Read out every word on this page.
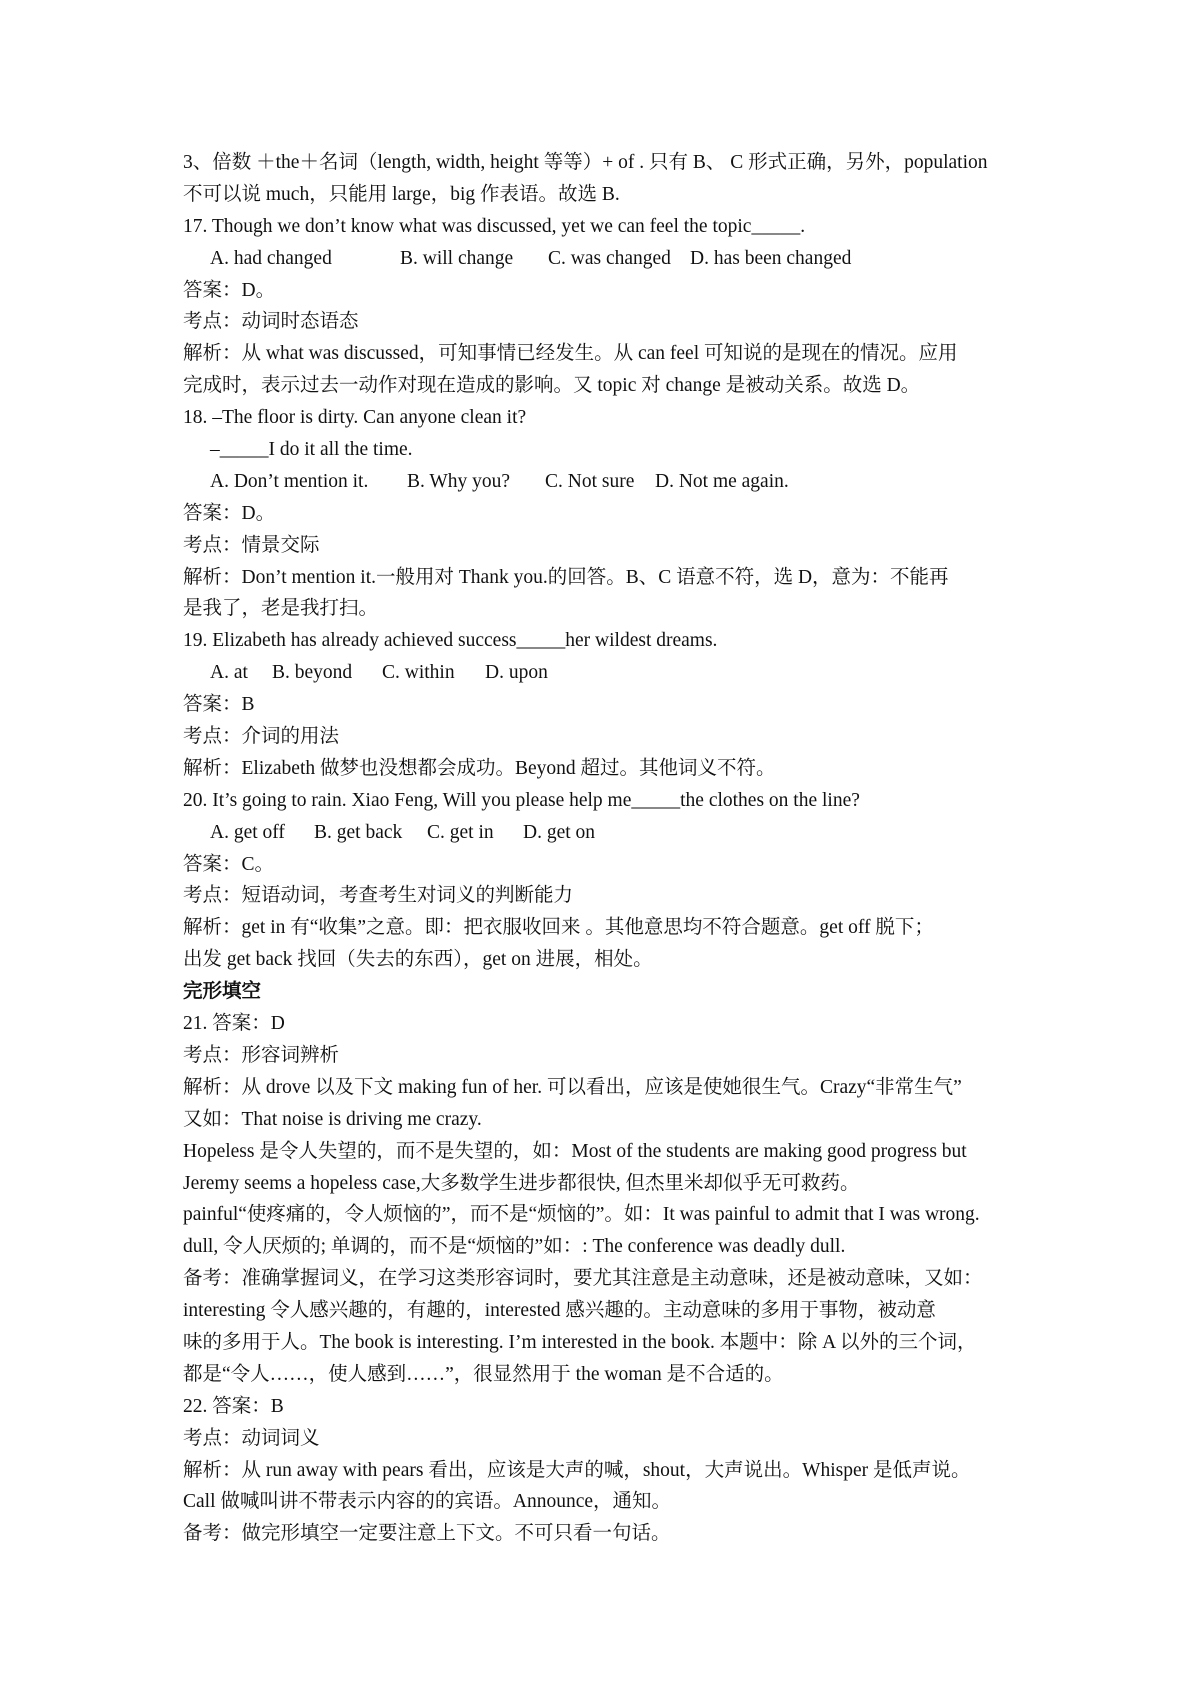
3、倍数 ＋the＋名词（length, width, height 等等）+ of . 只有 B、 C 形式正确，另外，population
不可以说 much，只能用 large，big 作表语。故选 B.
17. Though we don’t know what was discussed, yet we can feel the topic_____.
A. had changed	B. will change C. was changed D. has been changed
答案：D。
考点：动词时态语态
解析：从 what was discussed，可知事情已经发生。从 can feel 可知说的是现在的情况。应用
完成时，表示过去一动作对现在造成的影响。又 topic 对 change 是被动关系。故选 D。
18. –The floor is dirty. Can anyone clean it?
–_____I do it all the time.
A. Don’t mention it. B. Why you? C. Not sure D. Not me again.
答案：D。
考点：情景交际
解析：Don’t mention it.一般用对 Thank you.的回答。B、C 语意不符，选 D，意为：不能再
是我了，老是我打扫。
19. Elizabeth has already achieved success_____her wildest dreams.
A. at B. beyond C. within D. upon
答案：B
考点：介词的用法
解析：Elizabeth 做梦也没想都会成功。Beyond 超过。其他词义不符。
20. It’s going to rain. Xiao Feng, Will you please help me_____the clothes on the line?
A. get off B. get back C. get in D. get on
答案：C。
考点：短语动词，考查考生对词义的判断能力
解析：get in 有“收集”之意。即：把衣服收回来 。其他意思均不符合题意。get off 脱下；
出发 get back 找回（失去的东西），get on 进展，相处。
完形填空
21. 答案：D
考点：形容词辨析
解析：从 drove 以及下文 making fun of her. 可以看出，应该是使她很生气。Crazy“非常生气”
又如：That noise is driving me crazy.
Hopeless 是令人失望的，而不是失望的，如：Most of the students are making good progress but
Jeremy seems a hopeless case,大多数学生进步都很快, 但杰里米却似乎无可救药。
painful“使疼痛的，令人烦恼的”，而不是“烦恼的”。如：It was painful to admit that I was wrong.
dull, 令人厌烦的; 单调的，而不是“烦恼的”如：: The conference was deadly dull.
备考：准确掌握词义，在学习这类形容词时，要尤其注意是主动意味，还是被动意味，又如：
interesting 令人感兴趣的，有趣的，interested 感兴趣的。主动意味的多用于事物，被动意
味的多用于人。The book is interesting. I’m interested in the book. 本题中：除 A 以外的三个词，
都是“令人……，使人感到……”，很显然用于 the woman 是不合适的。
22. 答案：B
考点：动词词义
解析：从 run away with pears 看出，应该是大声的喊，shout，大声说出。Whisper 是低声说。
Call 做喊叫讲不带表示内容的的宾语。Announce，通知。
备考：做完形填空一定要注意上下文。不可只看一句话。
